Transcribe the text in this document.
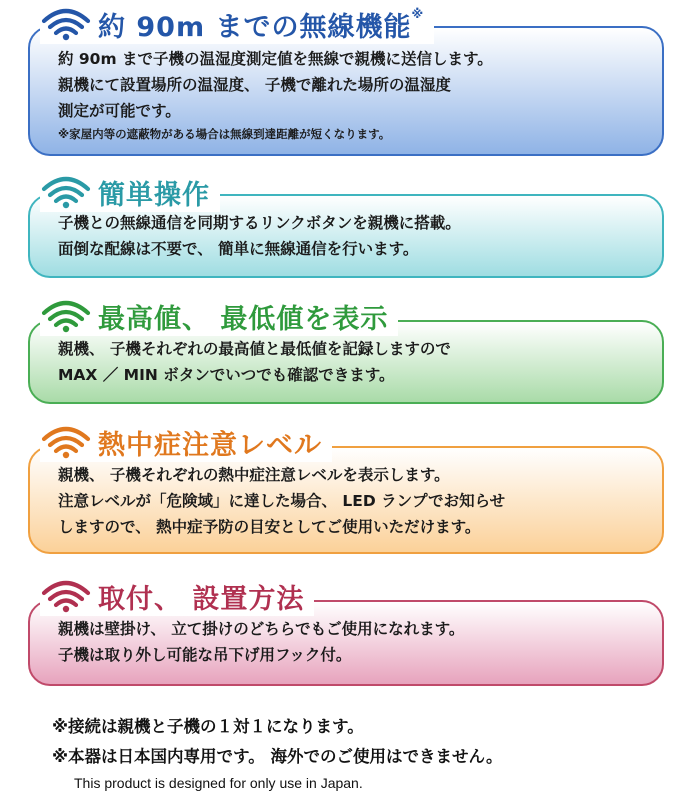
約 90m までの無線機能※
約 90m まで子機の温湿度測定値を無線で親機に送信します。
親機にて設置場所の温湿度、 子機で離れた場所の温湿度
測定が可能です。
※家屋内等の遮蔽物がある場合は無線到達距離が短くなります。
簡単操作
子機との無線通信を同期するリンクボタンを親機に搭載。
面倒な配線は不要で、 簡単に無線通信を行います。
最高値、 最低値を表示
親機、 子機それぞれの最高値と最低値を記録しますので
MAX ／ MIN ボタンでいつでも確認できます。
熱中症注意レベル
親機、 子機それぞれの熱中症注意レベルを表示します。
注意レベルが「危険域」に達した場合、 LED ランプでお知らせ
しますので、 熱中症予防の目安としてご使用いただけます。
取付、 設置方法
親機は壁掛け、 立て掛けのどちらでもご使用になれます。
子機は取り外し可能な吊下げ用フック付。
※接続は親機と子機の１対１になります。
※本器は日本国内専用です。 海外でのご使用はできません。
This product is designed for only use in Japan.
